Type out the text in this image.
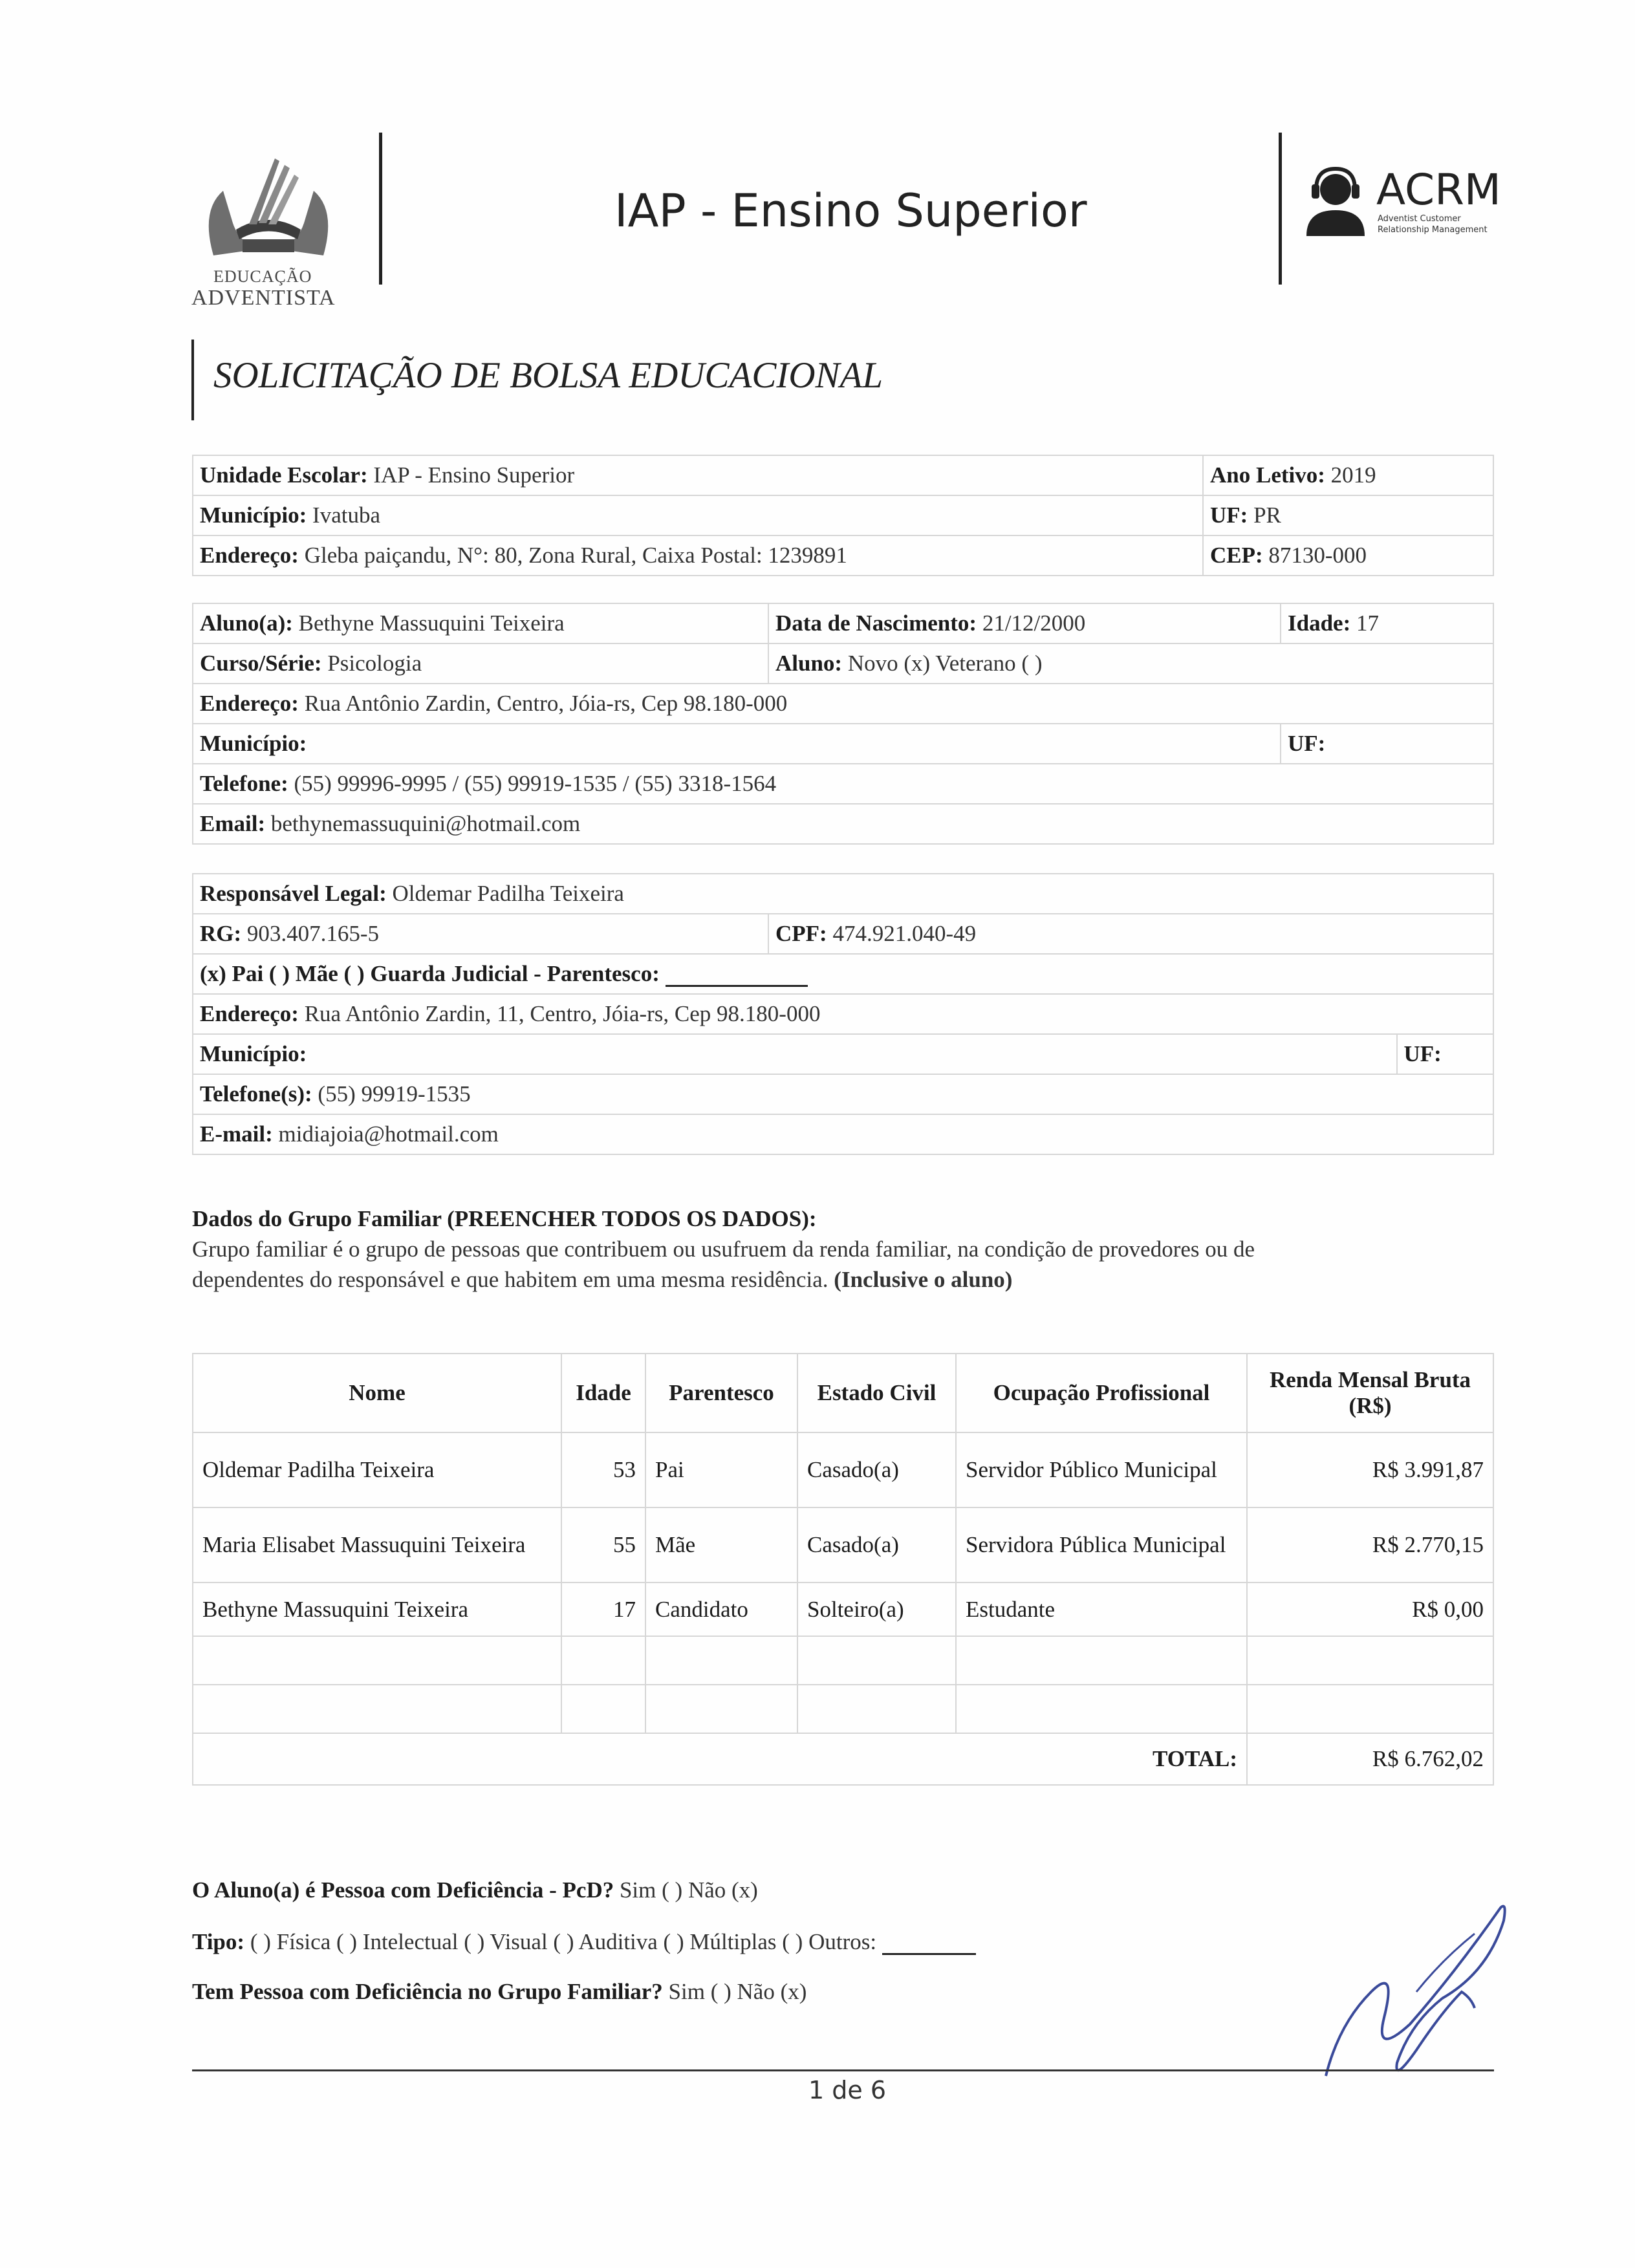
EDUCAÇÃO
ADVENTISTA
IAP - Ensino Superior	ACRM
Adventist Customer
Relationship Management
SOLICITAÇÃO DE BOLSA EDUCACIONAL
Unidade Escolar: IAP - Ensino Superior	Ano Letivo: 2019
Município: Ivatuba	UF: PR
Endereço: Gleba paiçandu, N°: 80, Zona Rural, Caixa Postal: 1239891	CEP: 87130-000
Aluno(a): Bethyne Massuquini Teixeira	Data de Nascimento: 21/12/2000	Idade: 17
Curso/Série: Psicologia	Aluno: Novo (x) Veterano ( )	
Endereço: Rua Antônio Zardin, Centro, Jóia-rs, Cep 98.180-000		
Município:		UF:
Telefone: (55) 99996-9995 / (55) 99919-1535 / (55) 3318-1564		
Email: bethynemassuquini@hotmail.com		
Responsável Legal: Oldemar Padilha Teixeira		
RG: 903.407.165-5	CPF: 474.921.040-49	
(x) Pai ( ) Mãe ( ) Guarda Judicial - Parentesco:		
Endereço: Rua Antônio Zardin, 11, Centro, Jóia-rs, Cep 98.180-000		
Município:		UF:
Telefone(s): (55) 99919-1535		
E-mail: midiajoia@hotmail.com		
Dados do Grupo Familiar (PREENCHER TODOS OS DADOS):
Grupo familiar é o grupo de pessoas que contribuem ou usufruem da renda familiar, na condição de provedores ou de
dependentes do responsável e que habitem em uma mesma residência. (Inclusive o aluno)
Nome	Idade	Parentesco	Estado Civil	Ocupação Profissional	Renda Mensal Bruta (R$)
Oldemar Padilha Teixeira	53	Pai	Casado(a)	Servidor Público Municipal	R$ 3.991,87
Maria Elisabet Massuquini Teixeira	55	Mãe	Casado(a)	Servidora Pública Municipal	R$ 2.770,15
Bethyne Massuquini Teixeira	17	Candidato	Solteiro(a)	Estudante	R$ 0,00

TOTAL:					R$ 6.762,02
O Aluno(a) é Pessoa com Deficiência - PcD? Sim ( ) Não (x)
Tipo: ( ) Física ( ) Intelectual ( ) Visual ( ) Auditiva ( ) Múltiplas ( ) Outros:
Tem Pessoa com Deficiência no Grupo Familiar? Sim ( ) Não (x)
1 de 6
